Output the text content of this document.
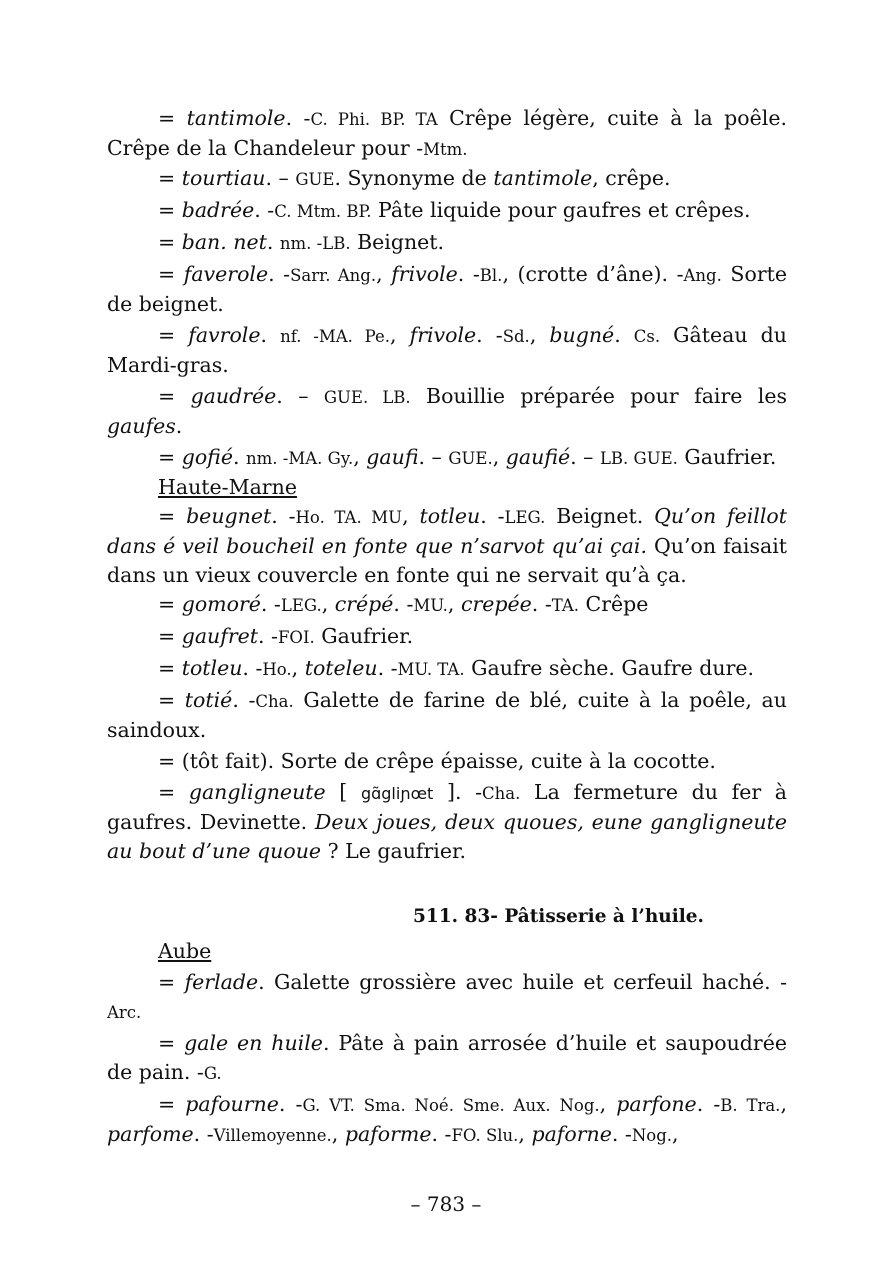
= tantimole. -C. Phi. BP. TA Crêpe légère, cuite à la poêle. Crêpe de la Chandeleur pour -Mtm.

= tourtiau. – GUE. Synonyme de tantimole, crêpe.

= badrée. -C. Mtm. BP. Pâte liquide pour gaufres et crêpes.

= ban. net. nm. -LB. Beignet.

= faverole. -Sarr. Ang., frivole. -Bl., (crotte d’âne). -Ang. Sorte de beignet.

= favrole. nf. -MA. Pe., frivole. -Sd., bugné. Cs. Gâteau du Mardi-gras.

= gaudrée. – GUE. LB. Bouillie préparée pour faire les gaufes.

= gofié. nm. -MA. Gy., gaufi. – GUE., gaufié. – LB. GUE. Gaufrier.

Haute-Marne

= beugnet. -Ho. TA. MU, totleu. -LEG. Beignet. Qu’on feillot dans é veil boucheil en fonte que n’sarvot qu’ai çai. Qu’on faisait dans un vieux couvercle en fonte qui ne servait qu’à ça.

= gomoré. -LEG., crépé. -MU., crepée. -TA. Crêpe

= gaufret. -FOI. Gaufrier.

= totleu. -Ho., toteleu. -MU. TA. Gaufre sèche. Gaufre dure.

= totié. -Cha. Galette de farine de blé, cuite à la poêle, au saindoux.

= (tôt fait). Sorte de crêpe épaisse, cuite à la cocotte.

= gangligneute [ gɑ̃gliɲœt ]. -Cha. La fermeture du fer à gaufres. Devinette. Deux joues, deux quoues, eune gangligneute au bout d’une quoue ? Le gaufrier.

511. 83- Pâtisserie à l’huile.

Aube

= ferlade. Galette grossière avec huile et cerfeuil haché. -Arc.

= gale en huile. Pâte à pain arrosée d’huile et saupoudrée de pain. -G.

= pafourne. -G. VT. Sma. Noé. Sme. Aux. Nog., parfone. -B. Tra., parfome. -Villemoyenne., paforme. -FO. Slu., paforne. -Nog.,

– 783 –
